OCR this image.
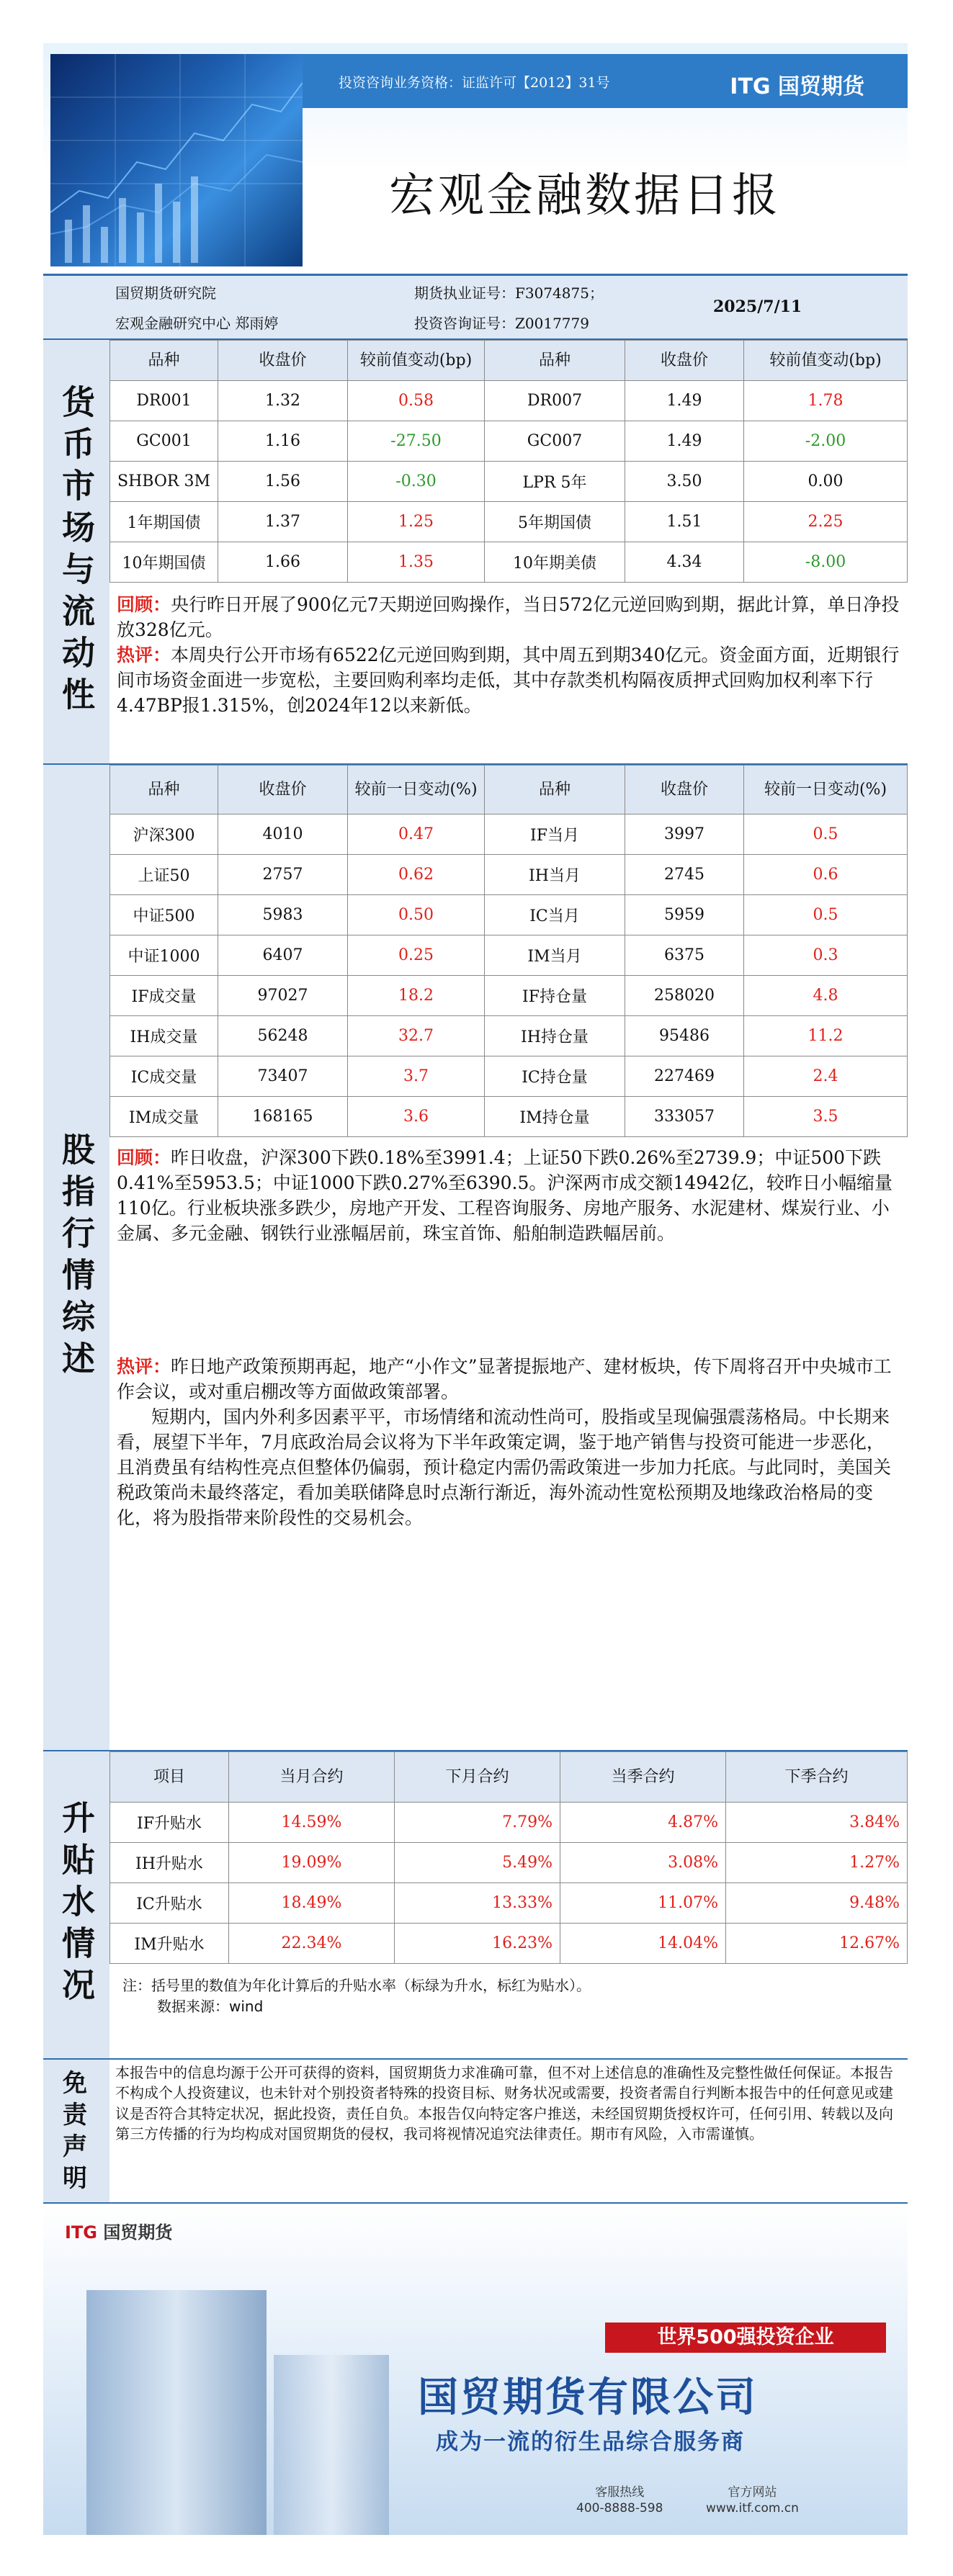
投资咨询业务资格：证监许可【2012】31号	ITG 国贸期货
宏观金融数据日报
国贸期货研究院
宏观金融研究中心 郑雨婷
期货执业证号：F3074875；
投资咨询证号：Z0017779
2025/7/11
货币市场与流动性
品种	收盘价	较前值变动(bp)	品种	收盘价	较前值变动(bp)
DR001	1.32	0.58	DR007	1.49	1.78
GC001	1.16	-27.50	GC007	1.49	-2.00
SHBOR 3M	1.56	-0.30	LPR 5年	3.50	0.00
1年期国债	1.37	1.25	5年期国债	1.51	2.25
10年期国债	1.66	1.35	10年期美债	4.34	-8.00
回顾：央行昨日开展了900亿元7天期逆回购操作，当日572亿元逆回购到期，据此计算，单日净投放328亿元。
热评：本周央行公开市场有6522亿元逆回购到期，其中周五到期340亿元。资金面方面，近期银行间市场资金面进一步宽松，主要回购利率均走低，其中存款类机构隔夜质押式回购加权利率下行4.47BP报1.315%，创2024年12以来新低。
股指行情综述
品种	收盘价	较前一日变动(%)	品种	收盘价	较前一日变动(%)
沪深300	4010	0.47	IF当月	3997	0.5
上证50	2757	0.62	IH当月	2745	0.6
中证500	5983	0.50	IC当月	5959	0.5
中证1000	6407	0.25	IM当月	6375	0.3
IF成交量	97027	18.2	IF持仓量	258020	4.8
IH成交量	56248	32.7	IH持仓量	95486	11.2
IC成交量	73407	3.7	IC持仓量	227469	2.4
IM成交量	168165	3.6	IM持仓量	333057	3.5
回顾：昨日收盘，沪深300下跌0.18%至3991.4；上证50下跌0.26%至2739.9；中证500下跌0.41%至5953.5；中证1000下跌0.27%至6390.5。沪深两市成交额14942亿，较昨日小幅缩量110亿。行业板块涨多跌少，房地产开发、工程咨询服务、房地产服务、水泥建材、煤炭行业、小金属、多元金融、钢铁行业涨幅居前，珠宝首饰、船舶制造跌幅居前。
热评：昨日地产政策预期再起，地产“小作文”显著提振地产、建材板块，传下周将召开中央城市工作会议，或对重启棚改等方面做政策部署。
短期内，国内外利多因素平平，市场情绪和流动性尚可，股指或呈现偏强震荡格局。中长期来看，展望下半年，7月底政治局会议将为下半年政策定调，鉴于地产销售与投资可能进一步恶化，且消费虽有结构性亮点但整体仍偏弱，预计稳定内需仍需政策进一步加力托底。与此同时，美国关税政策尚未最终落定，看加美联储降息时点渐行渐近，海外流动性宽松预期及地缘政治格局的变化，将为股指带来阶段性的交易机会。
升贴水情况
项目	当月合约	下月合约	当季合约	下季合约
IF升贴水	14.59%	7.79%	4.87%	3.84%
IH升贴水	19.09%	5.49%	3.08%	1.27%
IC升贴水	18.49%	13.33%	11.07%	9.48%
IM升贴水	22.34%	16.23%	14.04%	12.67%
注：括号里的数值为年化计算后的升贴水率（标绿为升水，标红为贴水）。
数据来源：wind
免责声明
本报告中的信息均源于公开可获得的资料，国贸期货力求准确可靠，但不对上述信息的准确性及完整性做任何保证。本报告不构成个人投资建议，也未针对个别投资者特殊的投资目标、财务状况或需要，投资者需自行判断本报告中的任何意见或建议是否符合其特定状况，据此投资，责任自负。本报告仅向特定客户推送，未经国贸期货授权许可，任何引用、转载以及向第三方传播的行为均构成对国贸期货的侵权，我司将视情况追究法律责任。期市有风险，入市需谨慎。
ITG 国贸期货
世界500强投资企业
国贸期货有限公司
成为一流的衍生品综合服务商
客服热线
400-8888-598
官方网站
www.itf.com.cn
